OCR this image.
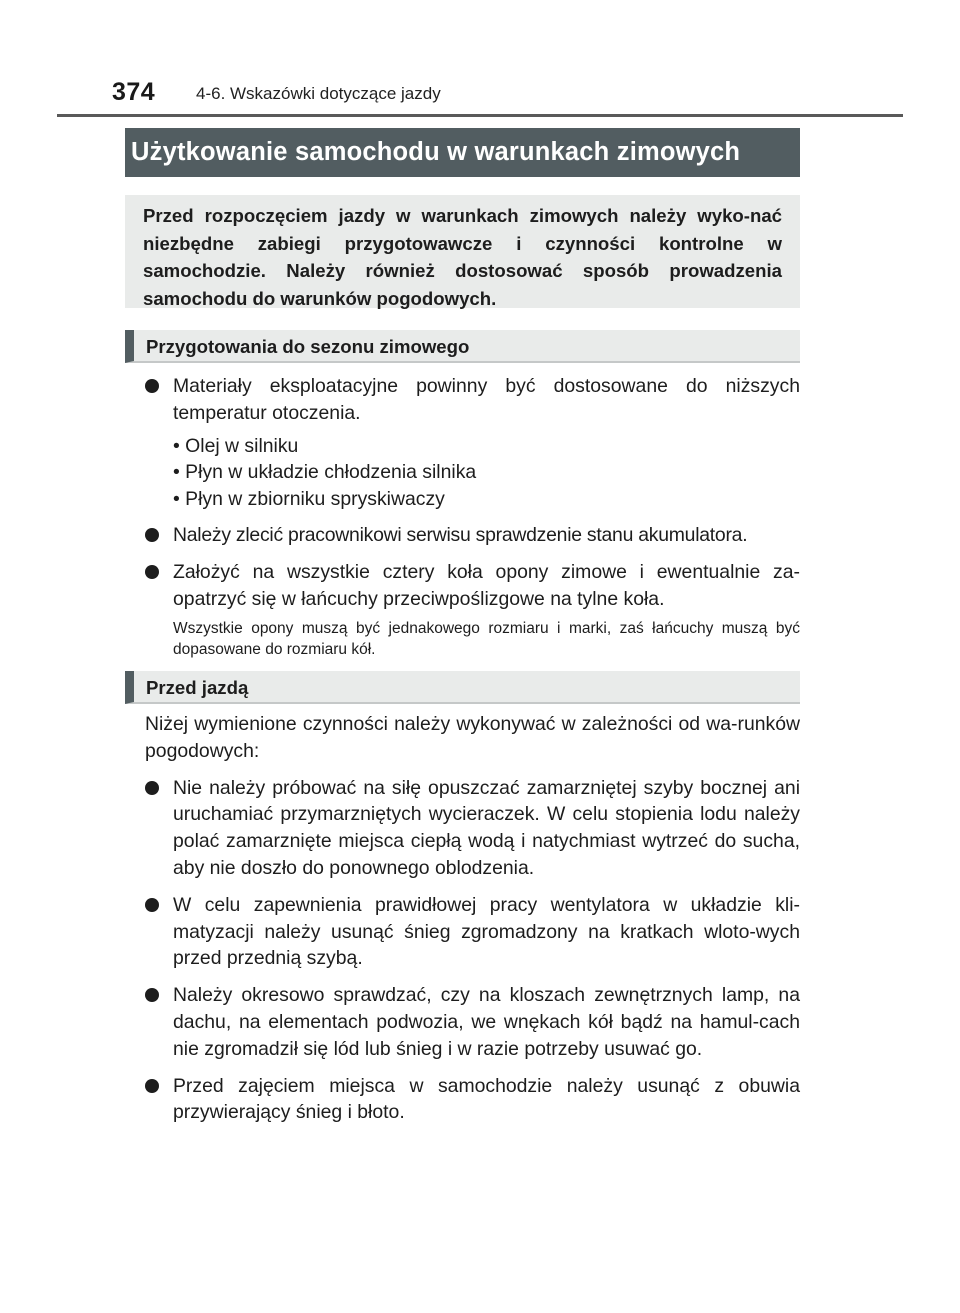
374 4-6. Wskazówki dotyczące jazdy
Użytkowanie samochodu w warunkach zimowych
Przed rozpoczęciem jazdy w warunkach zimowych należy wyko-nać niezbędne zabiegi przygotowawcze i czynności kontrolne w samochodzie. Należy również dostosować sposób prowadzenia samochodu do warunków pogodowych.
Przygotowania do sezonu zimowego
Materiały eksploatacyjne powinny być dostosowane do niższych temperatur otoczenia.
• Olej w silniku
• Płyn w układzie chłodzenia silnika
• Płyn w zbiorniku spryskiwaczy
Należy zlecić pracownikowi serwisu sprawdzenie stanu akumulatora.
Założyć na wszystkie cztery koła opony zimowe i ewentualnie za-opatrzyć się w łańcuchy przeciwpoślizgowe na tylne koła.
Wszystkie opony muszą być jednakowego rozmiaru i marki, zaś łańcuchy muszą być dopasowane do rozmiaru kół.
Przed jazdą
Niżej wymienione czynności należy wykonywać w zależności od wa-runków pogodowych:
Nie należy próbować na siłę opuszczać zamarzniętej szyby bocznej ani uruchamiać przymarzniętych wycieraczek. W celu stopienia lodu należy polać zamarznięte miejsca ciepłą wodą i natychmiast wytrzeć do sucha, aby nie doszło do ponownego oblodzenia.
W celu zapewnienia prawidłowej pracy wentylatora w układzie kli-matyzacji należy usunąć śnieg zgromadzony na kratkach wloto-wych przed przednią szybą.
Należy okresowo sprawdzać, czy na kloszach zewnętrznych lamp, na dachu, na elementach podwozia, we wnękach kół bądź na hamul-cach nie zgromadził się lód lub śnieg i w razie potrzeby usuwać go.
Przed zajęciem miejsca w samochodzie należy usunąć z obuwia przywierający śnieg i błoto.
